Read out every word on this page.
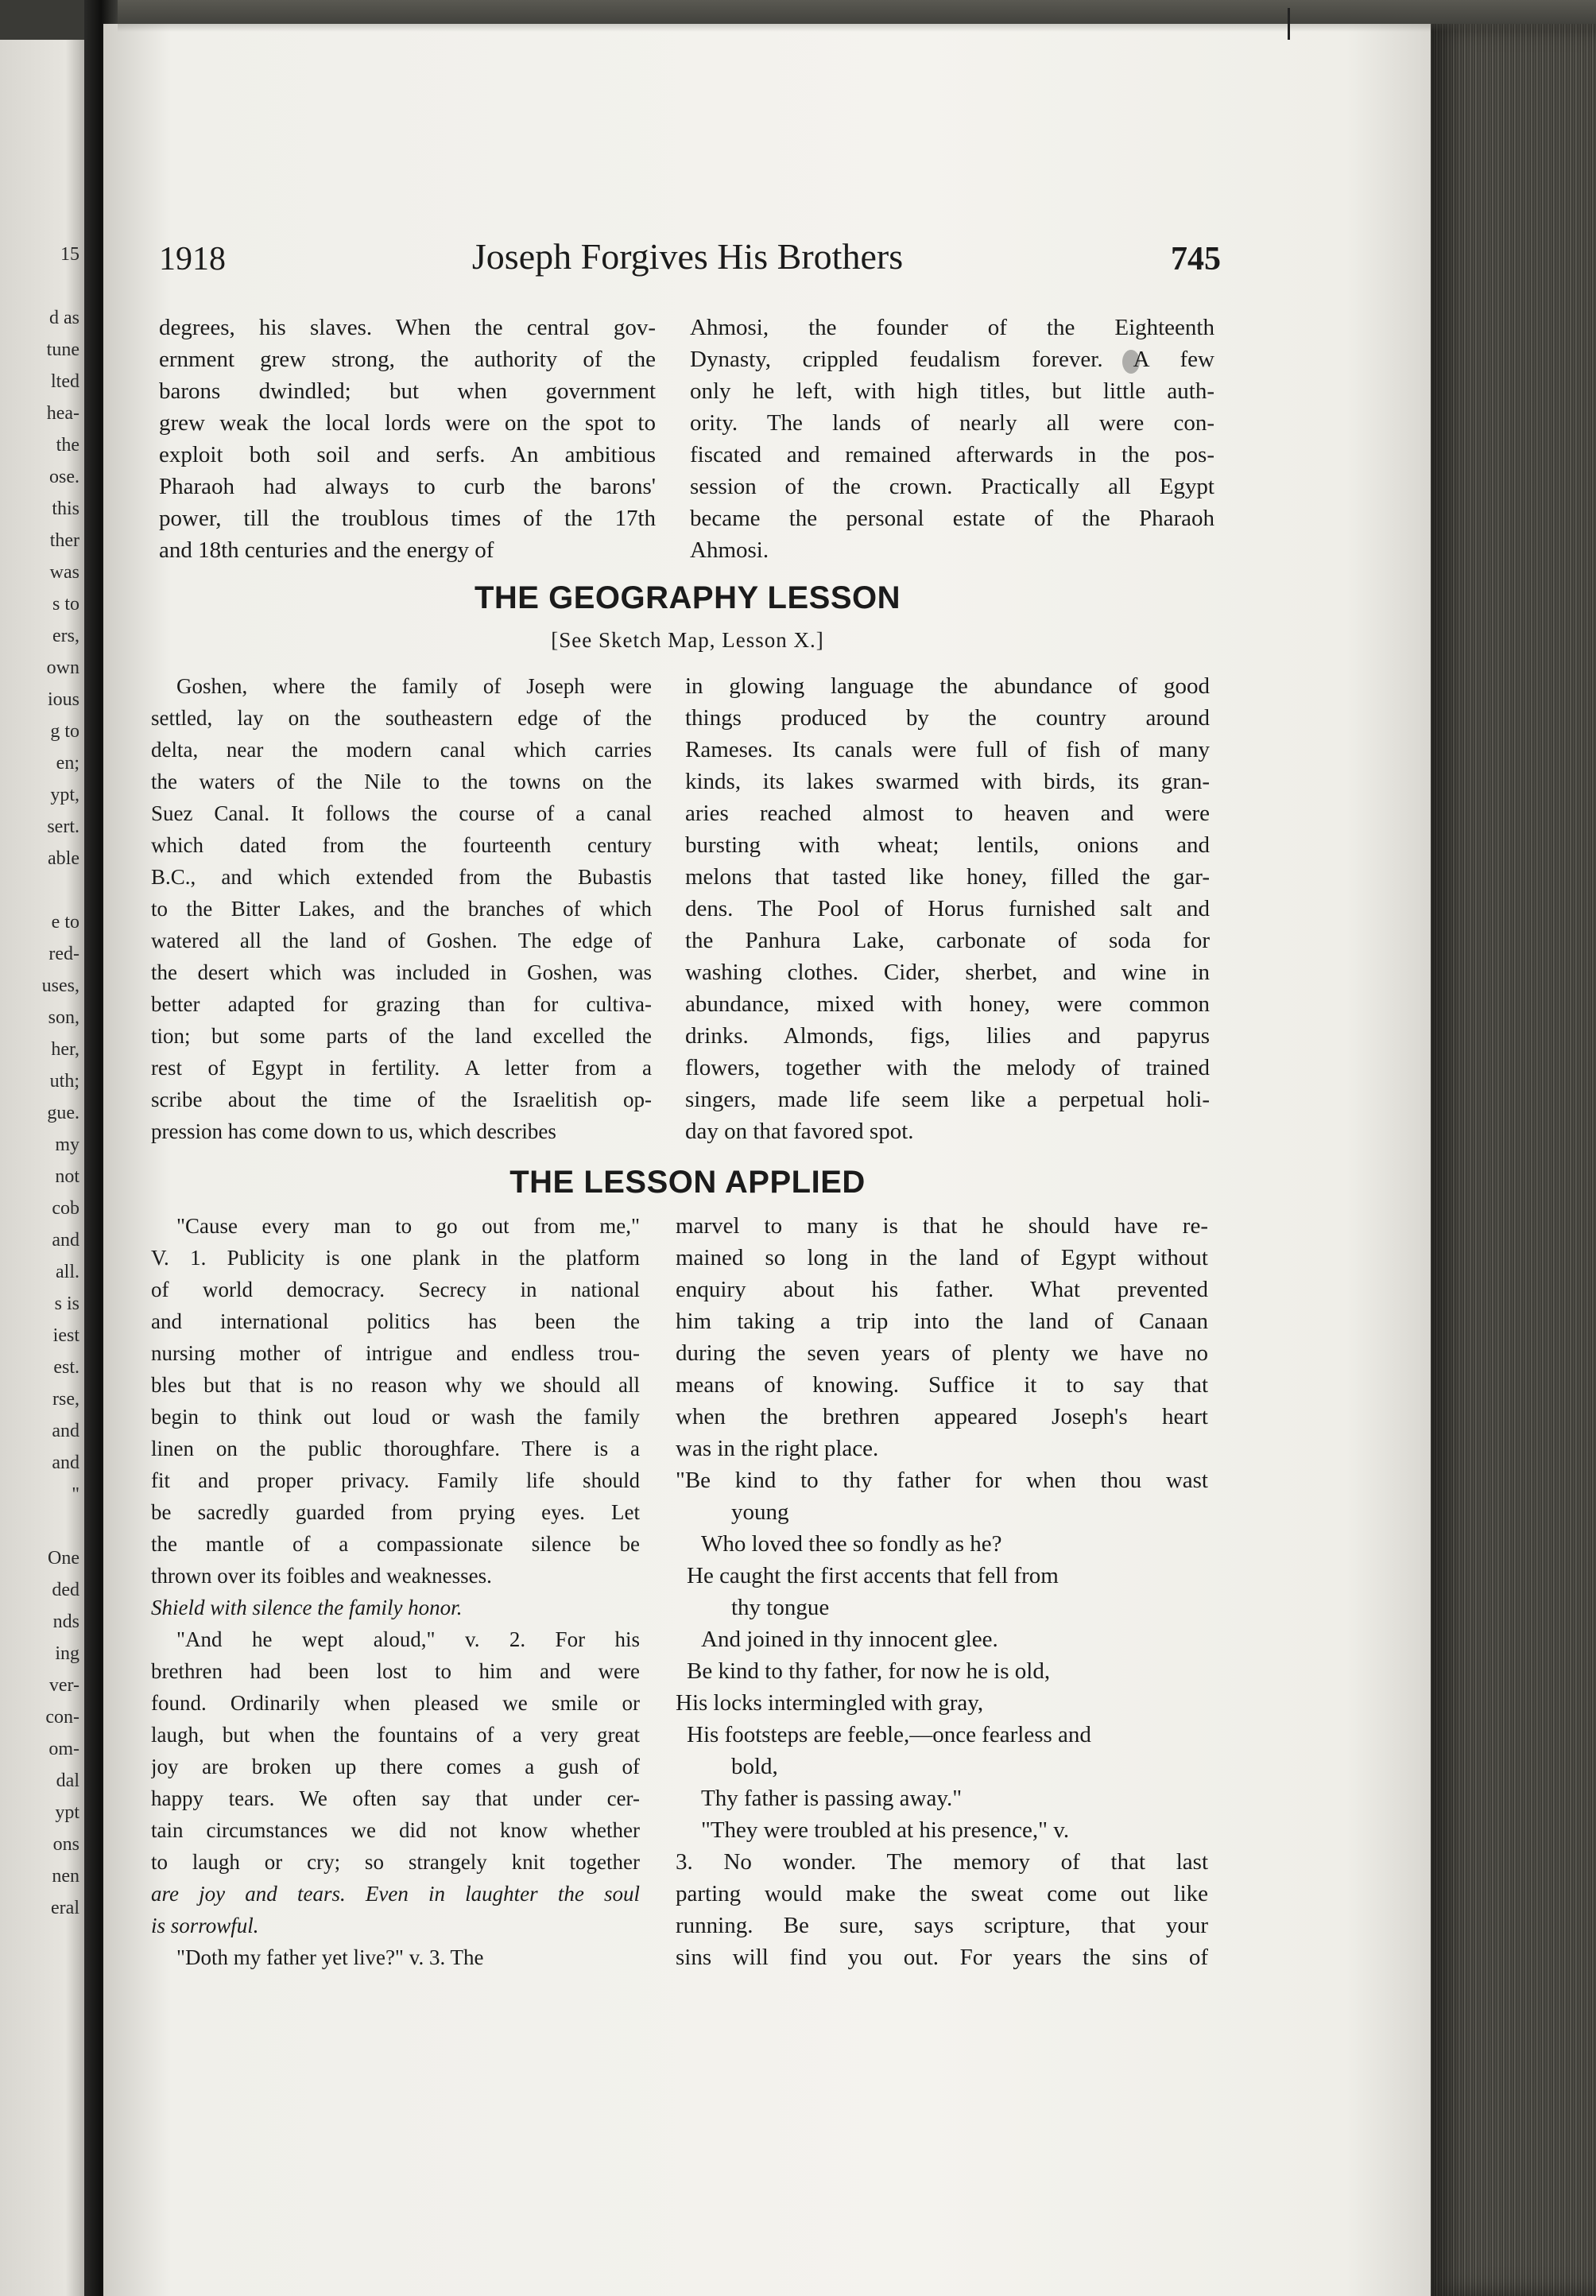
15
d as
tune
lted
hea-
the
ose.
this
ther
was
s to
ers,
own
ious
g to
en;
ypt,
sert.
able
e to
red-
uses,
son,
her,
uth;
gue.
my
not
cob
and
all.
s is
iest
est.
rse,
and
and
"
One
ded
nds
ing
ver-
con-
om-
dal
ypt
ons
nen
eral
1918	Joseph Forgives His Brothers	745

degrees, his slaves. When the central gov-

ernment grew strong, the authority of the

barons dwindled; but when government

grew weak the local lords were on the spot to

exploit both soil and serfs. An ambitious

Pharaoh had always to curb the barons'

power, till the troublous times of the 17th

and 18th centuries and the energy of

Ahmosi, the founder of the Eighteenth

Dynasty, crippled feudalism forever. A few

only he left, with high titles, but little auth-

ority. The lands of nearly all were con-

fiscated and remained afterwards in the pos-

session of the crown. Practically all Egypt

became the personal estate of the Pharaoh

Ahmosi.

THE GEOGRAPHY LESSON
[See Sketch Map, Lesson X.]

Goshen, where the family of Joseph were

settled, lay on the southeastern edge of the

delta, near the modern canal which carries

the waters of the Nile to the towns on the

Suez Canal. It follows the course of a canal

which dated from the fourteenth century

B.C., and which extended from the Bubastis

to the Bitter Lakes, and the branches of which

watered all the land of Goshen. The edge of

the desert which was included in Goshen, was

better adapted for grazing than for cultiva-

tion; but some parts of the land excelled the

rest of Egypt in fertility. A letter from a

scribe about the time of the Israelitish op-

pression has come down to us, which describes

in glowing language the abundance of good

things produced by the country around

Rameses. Its canals were full of fish of many

kinds, its lakes swarmed with birds, its gran-

aries reached almost to heaven and were

bursting with wheat; lentils, onions and

melons that tasted like honey, filled the gar-

dens. The Pool of Horus furnished salt and

the Panhura Lake, carbonate of soda for

washing clothes. Cider, sherbet, and wine in

abundance, mixed with honey, were common

drinks. Almonds, figs, lilies and papyrus

flowers, together with the melody of trained

singers, made life seem like a perpetual holi-

day on that favored spot.

THE LESSON APPLIED

"Cause every man to go out from me,"

V. 1. Publicity is one plank in the platform

of world democracy. Secrecy in national

and international politics has been the

nursing mother of intrigue and endless trou-

bles but that is no reason why we should all

begin to think out loud or wash the family

linen on the public thoroughfare. There is a

fit and proper privacy. Family life should

be sacredly guarded from prying eyes. Let

the mantle of a compassionate silence be

thrown over its foibles and weaknesses.

Shield with silence the family honor.

"And he wept aloud," v. 2. For his

brethren had been lost to him and were

found. Ordinarily when pleased we smile or

laugh, but when the fountains of a very great

joy are broken up there comes a gush of

happy tears. We often say that under cer-

tain circumstances we did not know whether

to laugh or cry; so strangely knit together

are joy and tears. Even in laughter the soul

is sorrowful.

"Doth my father yet live?" v. 3. The

marvel to many is that he should have re-

mained so long in the land of Egypt without

enquiry about his father. What prevented

him taking a trip into the land of Canaan

during the seven years of plenty we have no

means of knowing. Suffice it to say that

when the brethren appeared Joseph's heart

was in the right place.

"Be kind to thy father for when thou wast

young

Who loved thee so fondly as he?

He caught the first accents that fell from

thy tongue

And joined in thy innocent glee.

Be kind to thy father, for now he is old,

His locks intermingled with gray,

His footsteps are feeble,—once fearless and

bold,

Thy father is passing away."

"They were troubled at his presence," v.

3. No wonder. The memory of that last

parting would make the sweat come out like

running. Be sure, says scripture, that your

sins will find you out. For years the sins of
